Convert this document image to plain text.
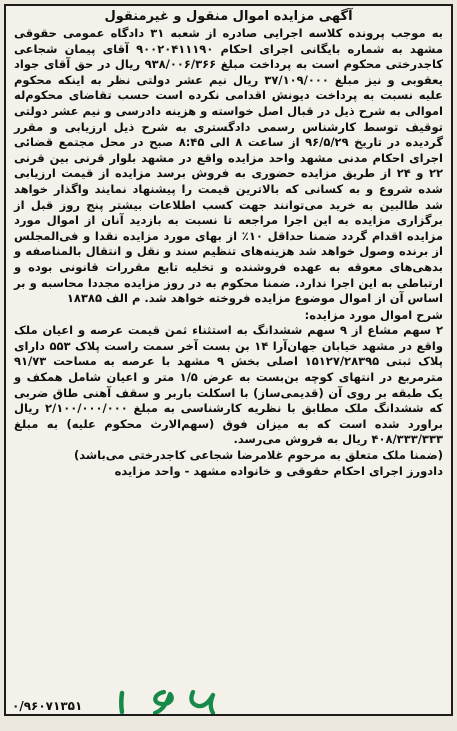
آگهی مزایده اموال منقول و غیرمنقول

به موجب پرونده کلاسه اجرایی صادره از شعبه ۳۱ دادگاه عمومی حقوقی مشهد به شماره بایگانی اجرای احکام ۹۰۰۲۰۴۱۱۱۹۰ آقای پیمان شجاعی کاجدرختی محکوم است به پرداخت مبلغ ۹۳۸/۰۰۶/۳۶۶ ریال در حق آقای جواد یعقوبی و نیز مبلغ ۳۷/۱۰۹/۰۰۰ ریال نیم عشر دولتی نظر به اینکه محکوم علیه نسبت به پرداخت دیونش اقدامی نکرده است حسب تقاضای محکوم‌له اموالی به شرح ذیل در قبال اصل خواسته و هزینه دادرسی و نیم عشر دولتی توقیف توسط کارشناس رسمی دادگستری به شرح ذیل ارزیابی و مقرر گردیده در تاریخ ۹۶/۵/۲۹ از ساعت ۸ الی ۸:۴۵ صبح در محل مجتمع قضائی اجرای احکام مدنی مشهد واحد مزایده واقع در مشهد بلوار قرنی بین قرنی ۲۲ و ۲۴ از طریق مزایده حضوری به فروش برسد مزایده از قیمت ارزیابی شده شروع و به کسانی که بالاترین قیمت را پیشنهاد نمایند واگذار خواهد شد طالبین به خرید می‌توانند جهت کسب اطلاعات بیشتر پنج روز قبل از برگزاری مزایده به این اجرا مراجعه تا نسبت به بازدید آنان از اموال مورد مزایده اقدام گردد ضمنا حداقل ۱۰٪ از بهای مورد مزایده نقدا و فی‌المجلس از برنده وصول خواهد شد هزینه‌های تنظیم سند و نقل و انتقال بالمناصفه و بدهی‌های معوقه به عهده فروشنده و تخلیه تابع مقررات قانونی بوده و ارتباطی به این اجرا ندارد. ضمنا محکوم به در روز مزایده مجددا محاسبه و بر اساس آن از اموال موضوع مزایده فروخته خواهد شد. م الف ۱۸۳۸۵

شرح اموال مورد مزایده:

۲ سهم مشاع از ۹ سهم ششدانگ به استثناء ثمن قیمت عرصه و اعیان ملک واقع در مشهد خیابان جهان‌آرا ۱۴ بن بست آخر سمت راست پلاک ۵۵۳ دارای پلاک ثبتی ۱۵۱۲۷/۲۸۳۹۵ اصلی بخش ۹ مشهد با عرصه به مساحت ۹۱/۷۳ مترمربع در انتهای کوچه بن‌بست به عرض ۱/۵ متر و اعیان شامل همکف و یک طبقه بر روی آن (قدیمی‌ساز) با اسکلت باربر و سقف آهنی طاق ضربی که ششدانگ ملک مطابق با نظریه کارشناسی به مبلغ ۲/۱۰۰/۰۰۰/۰۰۰ ریال براورد شده است که به میزان فوق (سهم‌الارث محکوم علیه) به مبلغ ۴۰۸/۳۳۳/۳۳۳ ریال به فروش می‌رسد.

(ضمنا ملک متعلق به مرحوم غلامرضا شجاعی کاجدرختی می‌باشد)

دادورز اجرای احکام حقوقی و خانواده مشهد - واحد مزایده

۰/۹۶۰۷۱۳۵۱
